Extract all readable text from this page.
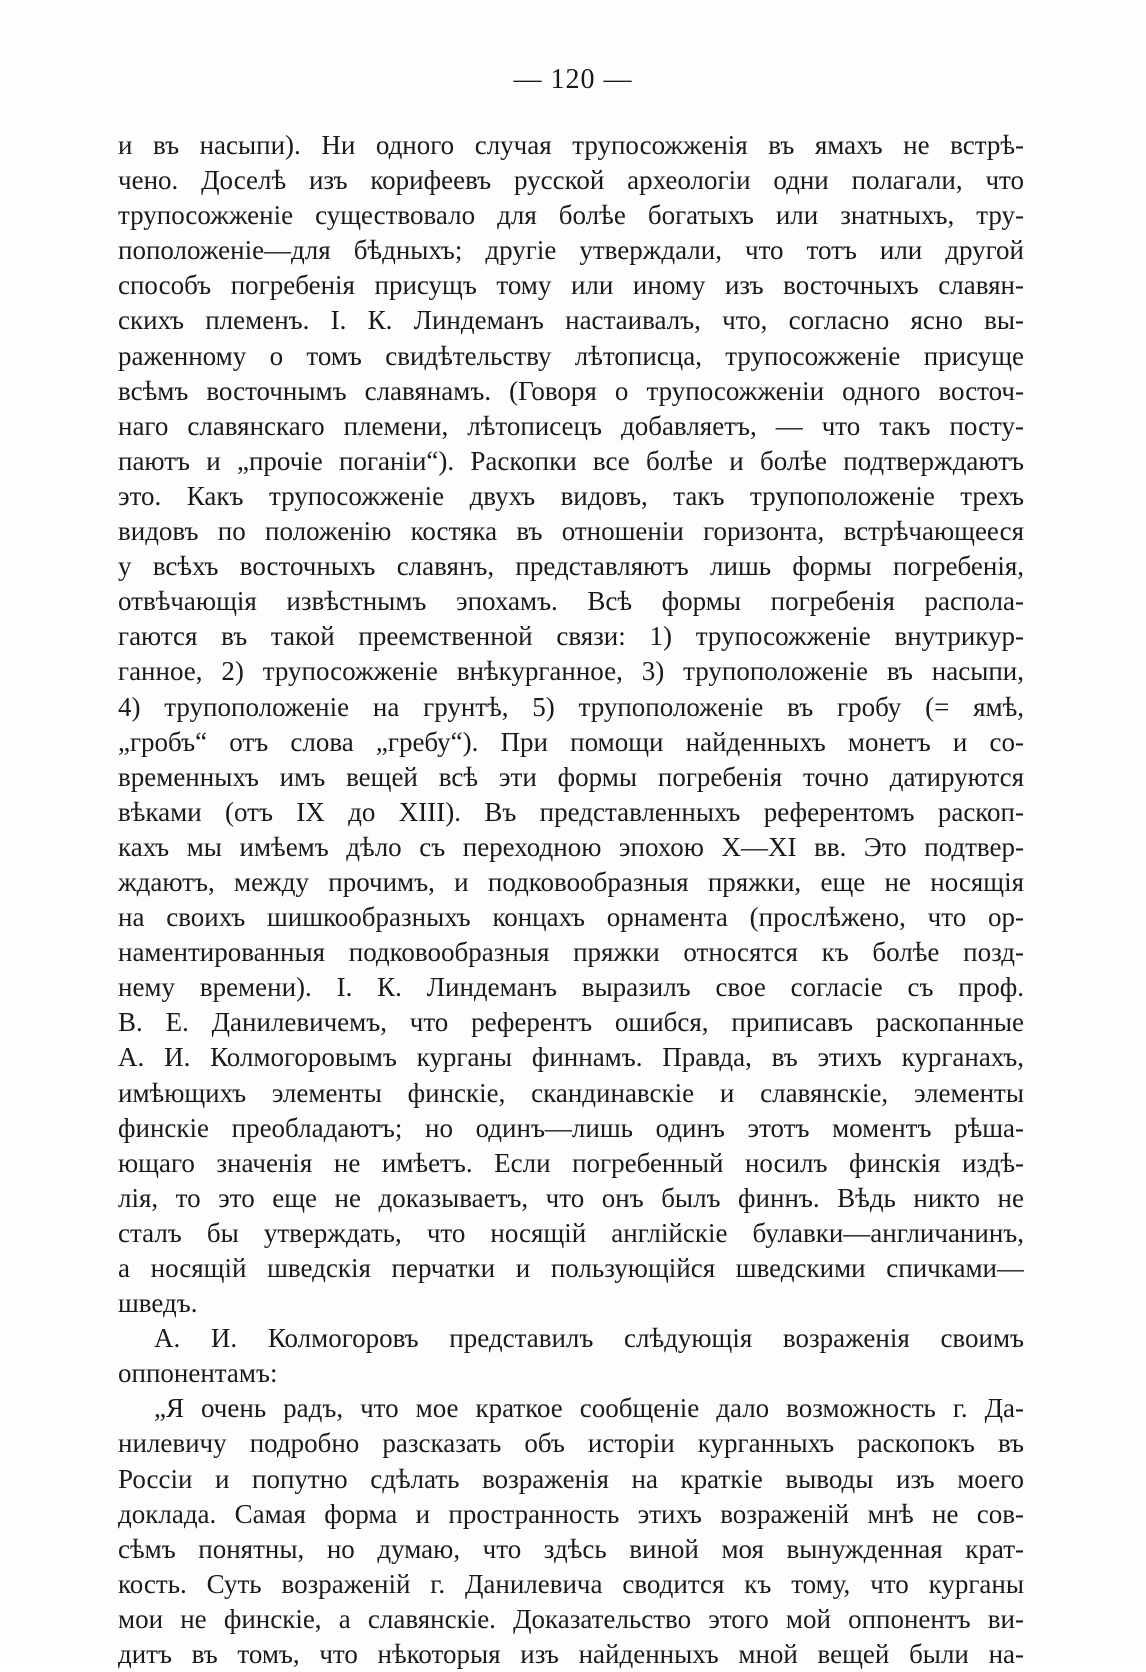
— 120 —
и въ насыпи). Ни одного случая трупосожженія въ ямахъ не встрѣ-
чено. Доселѣ изъ корифеевъ русской археологіи одни полагали, что
трупосожженіе существовало для болѣе богатыхъ или знатныхъ, тру-
поположеніе—для бѣдныхъ; другіе утверждали, что тотъ или другой
способъ погребенія присущъ тому или иному изъ восточныхъ славян-
скихъ племенъ. І. К. Линдеманъ настаивалъ, что, согласно ясно вы-
раженному о томъ свидѣтельству лѣтописца, трупосожженіе присуще
всѣмъ восточнымъ славянамъ. (Говоря о трупосожженіи одного восточ-
наго славянскаго племени, лѣтописецъ добавляетъ, — что такъ посту-
паютъ и „прочіе поганіи“). Раскопки все болѣе и болѣе подтверждаютъ
это. Какъ трупосожженіе двухъ видовъ, такъ трупоположеніе трехъ
видовъ по положенію костяка въ отношеніи горизонта, встрѣчающееся
у всѣхъ восточныхъ славянъ, представляютъ лишь формы погребенія,
отвѣчающія извѣстнымъ эпохамъ. Всѣ формы погребенія распола-
гаются въ такой преемственной связи: 1) трупосожженіе внутрикур-
ганное, 2) трупосожженіе внѣкурганное, 3) трупоположеніе въ насыпи,
4) трупоположеніе на грунтѣ, 5) трупоположеніе въ гробу (= ямѣ,
„гробъ“ отъ слова „гребу“). При помощи найденныхъ монетъ и со-
временныхъ имъ вещей всѣ эти формы погребенія точно датируются
вѣками (отъ IX до XIII). Въ представленныхъ референтомъ раскоп-
кахъ мы имѣемъ дѣло съ переходною эпохою X—XI вв. Это подтвер-
ждаютъ, между прочимъ, и подковообразныя пряжки, еще не носящія
на своихъ шишкообразныхъ концахъ орнамента (прослѣжено, что ор-
наментированныя подковообразныя пряжки относятся къ болѣе позд-
нему времени). І. К. Линдеманъ выразилъ свое согласіе съ проф.
В. Е. Данилевичемъ, что референтъ ошибся, приписавъ раскопанные
А. И. Колмогоровымъ курганы финнамъ. Правда, въ этихъ курганахъ,
имѣющихъ элементы финскіе, скандинавскіе и славянскіе, элементы
финскіе преобладаютъ; но одинъ—лишь одинъ этотъ моментъ рѣша-
ющаго значенія не имѣетъ. Если погребенный носилъ финскія издѣ-
лія, то это еще не доказываетъ, что онъ былъ финнъ. Вѣдь никто не
сталъ бы утверждать, что носящій англійскіе булавки—англичанинъ,
а носящій шведскія перчатки и пользующійся шведскими спичками—
шведъ.
А. И. Колмогоровъ представилъ слѣдующія возраженія своимъ
оппонентамъ:
„Я очень радъ, что мое краткое сообщеніе дало возможность г. Да-
нилевичу подробно разсказать объ исторіи курганныхъ раскопокъ въ
Россіи и попутно сдѣлать возраженія на краткіе выводы изъ моего
доклада. Самая форма и пространность этихъ возраженій мнѣ не сов-
сѣмъ понятны, но думаю, что здѣсь виной моя вынужденная крат-
кость. Суть возраженій г. Данилевича сводится къ тому, что курганы
мои не финскіе, а славянскіе. Доказательство этого мой оппонентъ ви-
дитъ въ томъ, что нѣкоторыя изъ найденныхъ мной вещей были на-
